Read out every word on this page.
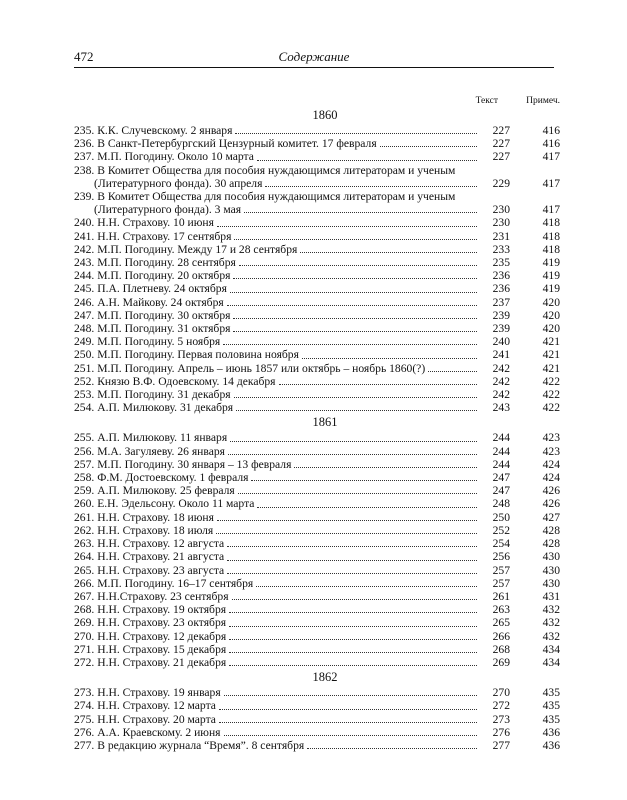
472	Содержание
Текст	Примеч.
1860
235. К.К. Случевскому. 2 января	227	416
236. В Санкт-Петербургский Цензурный комитет. 17 февраля	227	416
237. М.П. Погодину. Около 10 марта	227	417
238. В Комитет Общества для пособия нуждающимся литераторам и ученым
(Литературного фонда). 30 апреля	229	417
239. В Комитет Общества для пособия нуждающимся литераторам и ученым
(Литературного фонда). 3 мая	230	417
240. Н.Н. Страхову. 10 июня	230	418
241. Н.Н. Страхову. 17 сентября	231	418
242. М.П. Погодину. Между 17 и 28 сентября	233	418
243. М.П. Погодину. 28 сентября	235	419
244. М.П. Погодину. 20 октября	236	419
245. П.А. Плетневу. 24 октября	236	419
246. А.Н. Майкову. 24 октября	237	420
247. М.П. Погодину. 30 октября	239	420
248. М.П. Погодину. 31 октября	239	420
249. М.П. Погодину. 5 ноября	240	421
250. М.П. Погодину. Первая половина ноября	241	421
251. М.П. Погодину. Апрель – июнь 1857 или октябрь – ноябрь 1860(?)	242	421
252. Князю В.Ф. Одоевскому. 14 декабря	242	422
253. М.П. Погодину. 31 декабря	242	422
254. А.П. Милюкову. 31 декабря	243	422
1861
255. А.П. Милюкову. 11 января	244	423
256. М.А. Загуляеву. 26 января	244	423
257. М.П. Погодину. 30 января – 13 февраля	244	424
258. Ф.М. Достоевскому. 1 февраля	247	424
259. А.П. Милюкову. 25 февраля	247	426
260. Е.Н. Эдельсону. Около 11 марта	248	426
261. Н.Н. Страхову. 18 июня	250	427
262. Н.Н. Страхову. 18 июля	252	428
263. Н.Н. Страхову. 12 августа	254	428
264. Н.Н. Страхову. 21 августа	256	430
265. Н.Н. Страхову. 23 августа	257	430
266. М.П. Погодину. 16–17 сентября	257	430
267. Н.Н.Страхову. 23 сентября	261	431
268. Н.Н. Страхову. 19 октября	263	432
269. Н.Н. Страхову. 23 октября	265	432
270. Н.Н. Страхову. 12 декабря	266	432
271. Н.Н. Страхову. 15 декабря	268	434
272. Н.Н. Страхову. 21 декабря	269	434
1862
273. Н.Н. Страхову. 19 января	270	435
274. Н.Н. Страхову. 12 марта	272	435
275. Н.Н. Страхову. 20 марта	273	435
276. А.А. Краевскому. 2 июня	276	436
277. В редакцию журнала “Время”. 8 сентября	277	436
